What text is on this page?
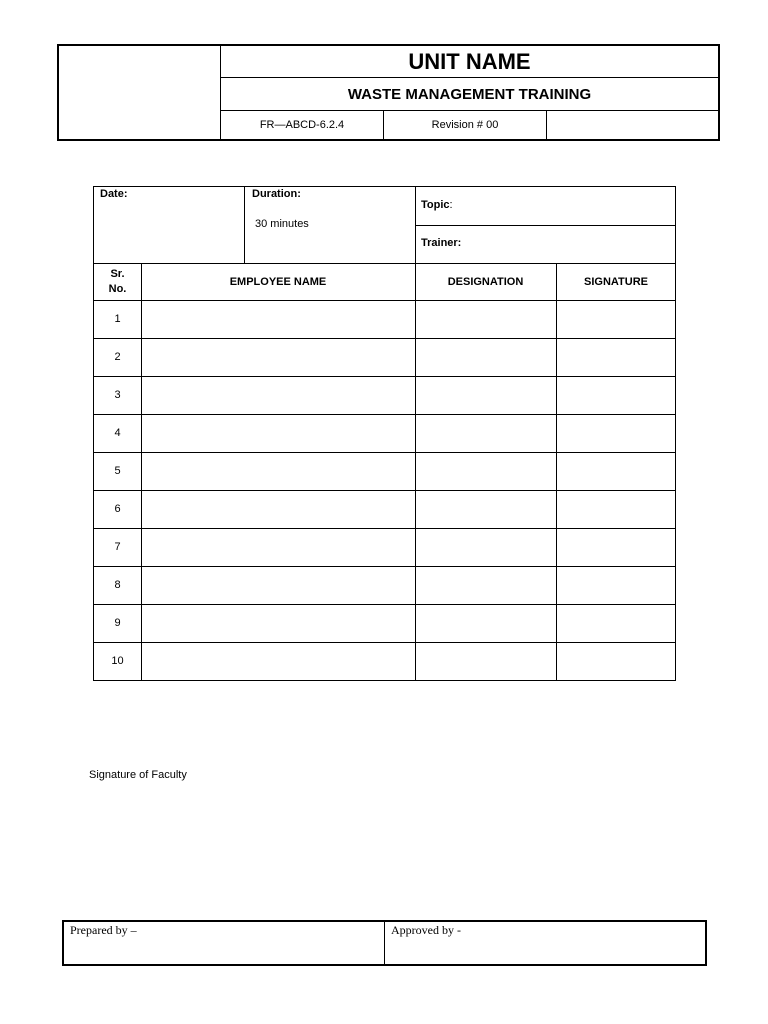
UNIT NAME
WASTE MANAGEMENT TRAINING
FR—ABCD-6.2.4	Revision # 00
Date:	Duration:
30 minutes
Topic:
Trainer:
Sr.
No.
EMPLOYEE NAME	DESIGNATION	SIGNATURE
1
2
3
4
5
6
7
8
9
10
Signature of Faculty
Prepared by –	Approved by -
